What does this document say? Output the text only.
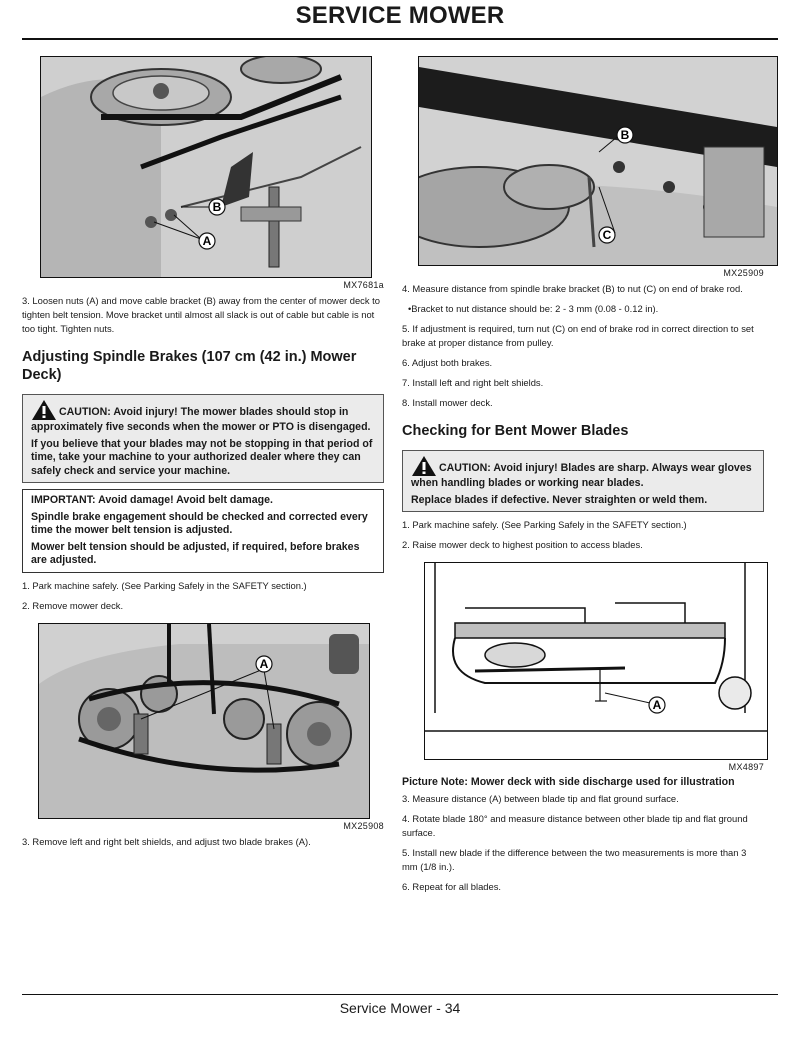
SERVICE MOWER
B
A
MX7681a
3. Loosen nuts (A) and move cable bracket (B) away from the center of mower deck to tighten belt tension. Move bracket until almost all slack is out of cable but cable is not too tight. Tighten nuts.
Adjusting Spindle Brakes (107 cm (42 in.) Mower Deck)

CAUTION: Avoid injury! The mower blades should stop in approximately five seconds when the mower or PTO is disengaged.

If you believe that your blades may not be stopping in that period of time, take your machine to your authorized dealer where they can safely check and service your machine.

IMPORTANT: Avoid damage! Avoid belt damage.

Spindle brake engagement should be checked and corrected every time the mower belt tension is adjusted.

Mower belt tension should be adjusted, if required, before brakes are adjusted.

1. Park machine safely. (See Parking Safely in the SAFETY section.)
2. Remove mower deck.
A
MX25908
3. Remove left and right belt shields, and adjust two blade brakes (A).
B
C
MX25909
4. Measure distance from spindle brake bracket (B) to nut (C) on end of brake rod.
•Bracket to nut distance should be: 2 - 3 mm (0.08 - 0.12 in).
5. If adjustment is required, turn nut (C) on end of brake rod in correct direction to set brake at proper distance from pulley.
6. Adjust both brakes.
7. Install left and right belt shields.
8. Install mower deck.
Checking for Bent Mower Blades

CAUTION: Avoid injury! Blades are sharp. Always wear gloves when handling blades or working near blades.

Replace blades if defective. Never straighten or weld them.

1. Park machine safely. (See Parking Safely in the SAFETY section.)
2. Raise mower deck to highest position to access blades.
A
MX4897
Picture Note: Mower deck with side discharge used for illustration
3. Measure distance (A) between blade tip and flat ground surface.
4. Rotate blade 180° and measure distance between other blade tip and flat ground surface.
5. Install new blade if the difference between the two measurements is more than 3 mm (1/8 in.).
6. Repeat for all blades.
Service Mower - 34
